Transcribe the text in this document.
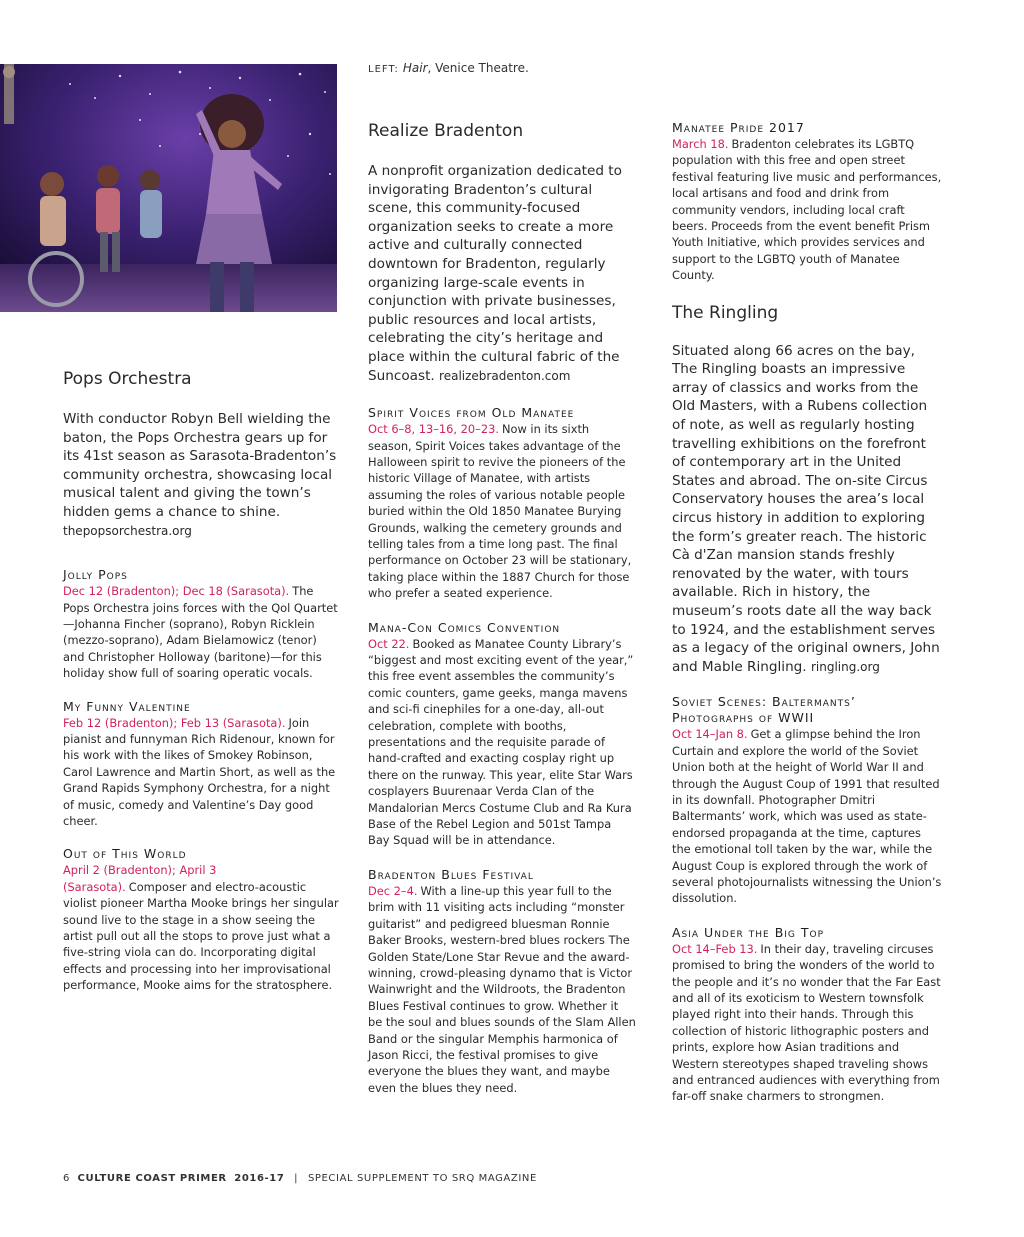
LEFT: Hair, Venice Theatre.
Pops Orchestra

With conductor Robyn Bell wielding the baton, the Pops Orchestra gears up for its 41st season as Sarasota-Bradenton’s community orchestra, showcasing local musical talent and giving the town’s hidden gems a chance to shine. thepopsorchestra.org

Jolly Pops

Dec 12 (Bradenton); Dec 18 (Sarasota). The Pops Orchestra joins forces with the Qol Quartet—Johanna Fincher (soprano), Robyn Ricklein (mezzo-soprano), Adam Bielamowicz (tenor) and Christopher Holloway (baritone)—for this holiday show full of soaring operatic vocals.

My Funny Valentine

Feb 12 (Bradenton); Feb 13 (Sarasota). Join pianist and funnyman Rich Ridenour, known for his work with the likes of Smokey Robinson, Carol Lawrence and Martin Short, as well as the Grand Rapids Symphony Orchestra, for a night of music, comedy and Valentine’s Day good cheer.

Out of This World

April 2 (Bradenton); April 3 (Sarasota). Composer and electro-acoustic violist pioneer Martha Mooke brings her singular sound live to the stage in a show seeing the artist pull out all the stops to prove just what a five-string viola can do. Incorporating digital effects and processing into her improvisational performance, Mooke aims for the stratosphere.

Realize Bradenton

A nonprofit organization dedicated to invigorating Bradenton’s cultural scene, this community-focused organization seeks to create a more active and culturally connected downtown for Bradenton, regularly organizing large-scale events in conjunction with private businesses, public resources and local artists, celebrating the city’s heritage and place within the cultural fabric of the Suncoast. realizebradenton.com

Spirit Voices from Old Manatee

Oct 6–8, 13–16, 20–23. Now in its sixth season, Spirit Voices takes advantage of the Halloween spirit to revive the pioneers of the historic Village of Manatee, with artists assuming the roles of various notable people buried within the Old 1850 Manatee Burying Grounds, walking the cemetery grounds and telling tales from a time long past. The final performance on October 23 will be stationary, taking place within the 1887 Church for those who prefer a seated experience.

Mana-Con Comics Convention

Oct 22. Booked as Manatee County Library’s “biggest and most exciting event of the year,” this free event assembles the community’s comic counters, game geeks, manga mavens and sci-fi cinephiles for a one-day, all-out celebration, complete with booths, presentations and the requisite parade of hand-crafted and exacting cosplay right up there on the runway. This year, elite Star Wars cosplayers Buurenaar Verda Clan of the Mandalorian Mercs Costume Club and Ra Kura Base of the Rebel Legion and 501st Tampa Bay Squad will be in attendance.

Bradenton Blues Festival

Dec 2–4. With a line-up this year full to the brim with 11 visiting acts including “monster guitarist” and pedigreed bluesman Ronnie Baker Brooks, western-bred blues rockers The Golden State/Lone Star Revue and the award-winning, crowd-pleasing dynamo that is Victor Wainwright and the Wildroots, the Bradenton Blues Festival continues to grow. Whether it be the soul and blues sounds of the Slam Allen Band or the singular Memphis harmonica of Jason Ricci, the festival promises to give everyone the blues they want, and maybe even the blues they need.

Manatee Pride 2017

March 18. Bradenton celebrates its LGBTQ population with this free and open street festival featuring live music and performances, local artisans and food and drink from community vendors, including local craft beers. Proceeds from the event benefit Prism Youth Initiative, which provides services and support to the LGBTQ youth of Manatee County.

The Ringling

Situated along 66 acres on the bay, The Ringling boasts an impressive array of classics and works from the Old Masters, with a Rubens collection of note, as well as regularly hosting travelling exhibitions on the forefront of contemporary art in the United States and abroad. The on-site Circus Conservatory houses the area’s local circus history in addition to exploring the form’s greater reach. The historic Cà d'Zan mansion stands freshly renovated by the water, with tours available. Rich in history, the museum’s roots date all the way back to 1924, and the establishment serves as a legacy of the original owners, John and Mable Ringling. ringling.org

Soviet Scenes: Baltermants’ Photographs of WWII

Oct 14–Jan 8. Get a glimpse behind the Iron Curtain and explore the world of the Soviet Union both at the height of World War II and through the August Coup of 1991 that resulted in its downfall. Photographer Dmitri Baltermants’ work, which was used as state-endorsed propaganda at the time, captures the emotional toll taken by the war, while the August Coup is explored through the work of several photojournalists witnessing the Union’s dissolution.

Asia Under the Big Top

Oct 14–Feb 13. In their day, traveling circuses promised to bring the wonders of the world to the people and it’s no wonder that the Far East and all of its exoticism to Western townsfolk played right into their hands. Through this collection of historic lithographic posters and prints, explore how Asian traditions and Western stereotypes shaped traveling shows and entranced audiences with everything from far-off snake charmers to strongmen.

6 CULTURE COAST PRIMER 2016-17 | SPECIAL SUPPLEMENT TO SRQ MAGAZINE
